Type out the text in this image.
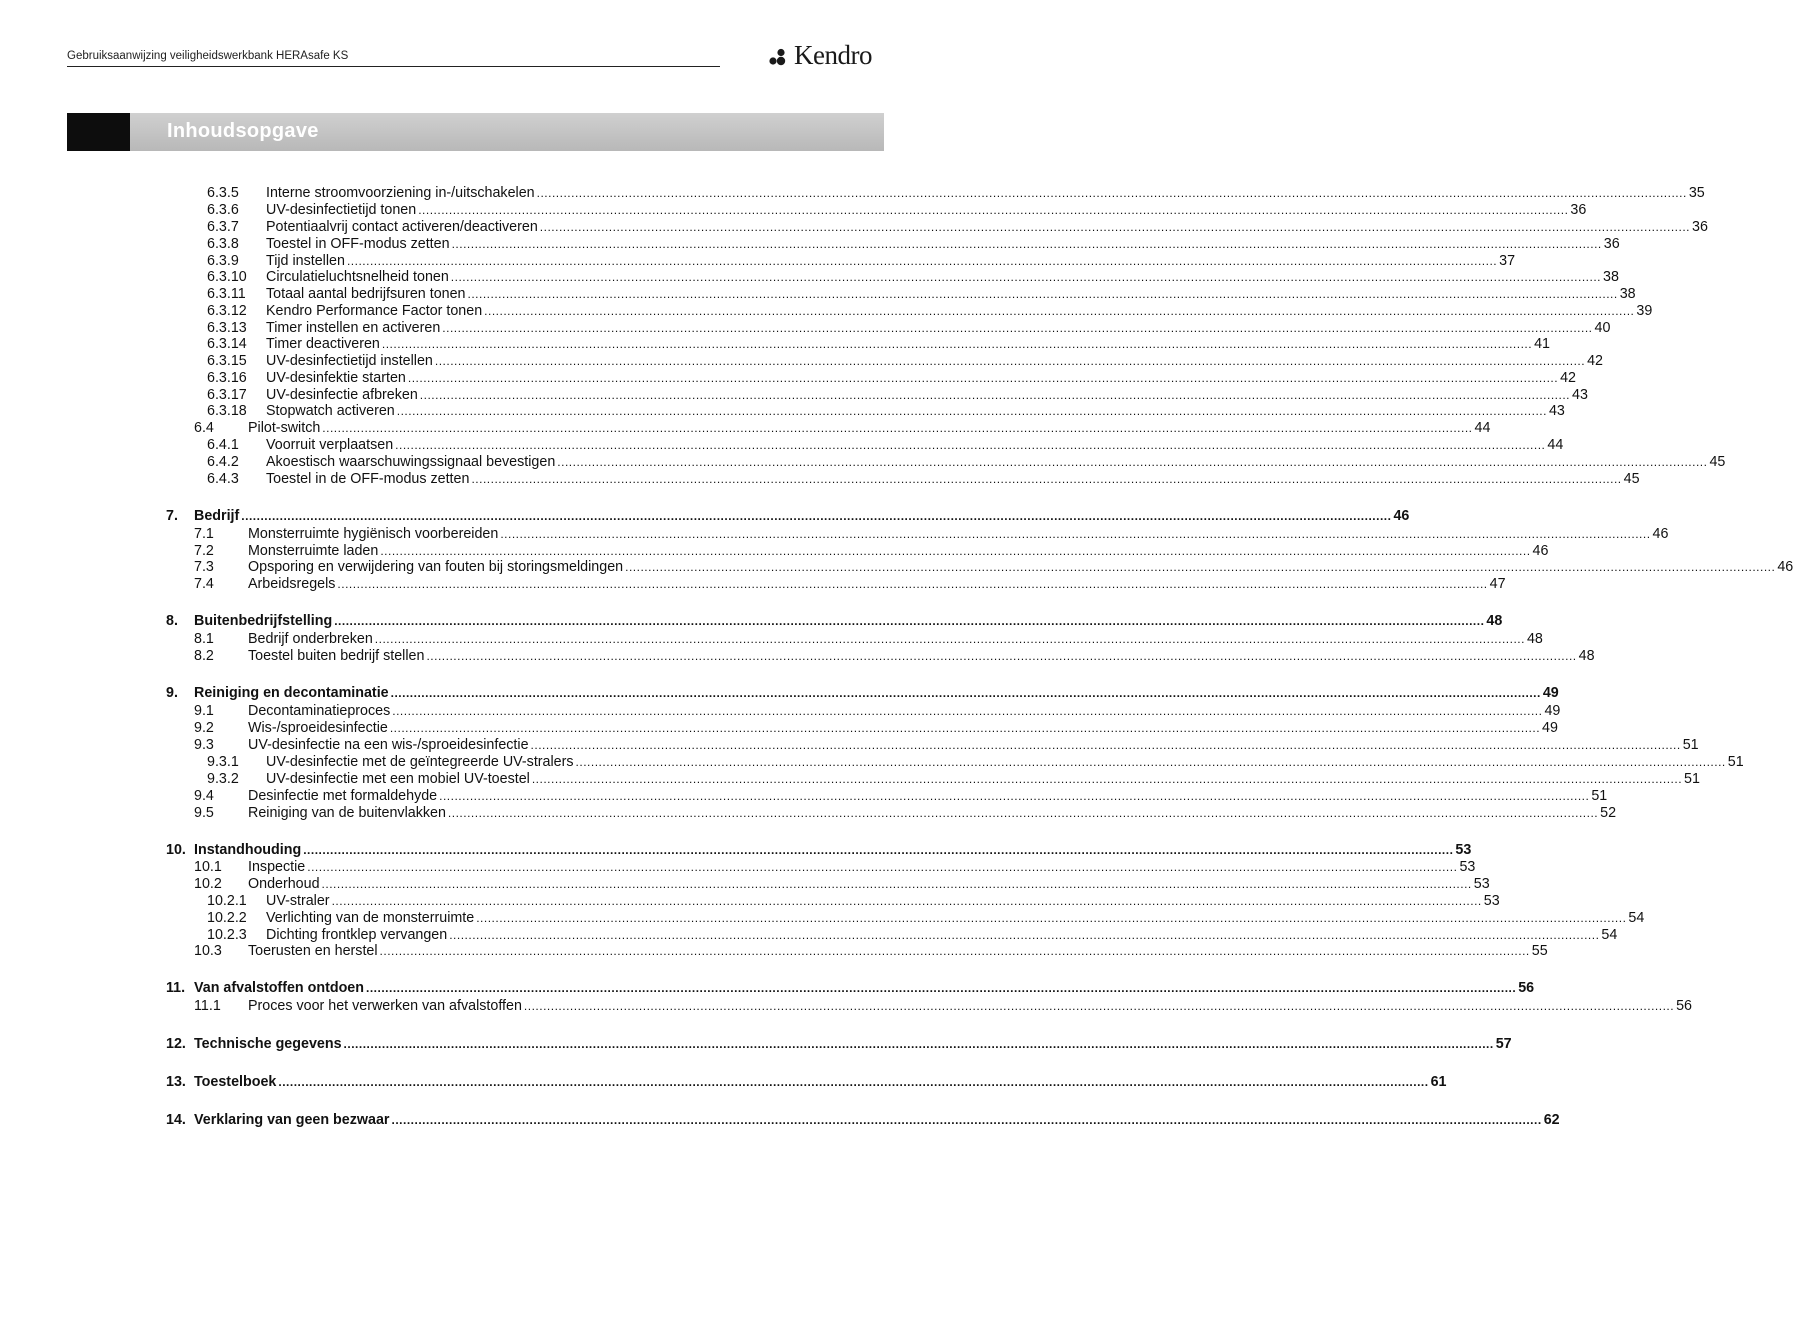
Gebruiksaanwijzing veiligheidswerkbank HERAsafe KS	Kendro
Inhoudsopgave
6.3.5 Interne stroomvoorziening in-/uitschakelen ............................................................................................................................................................................................................................................................................................................ 35
6.3.6 UV-desinfectietijd tonen ............................................................................................................................................................................................................................................................................................................ 36
6.3.7 Potentiaalvrij contact activeren/deactiveren ............................................................................................................................................................................................................................................................................................................ 36
6.3.8 Toestel in OFF-modus zetten ............................................................................................................................................................................................................................................................................................................ 36
6.3.9 Tijd instellen ............................................................................................................................................................................................................................................................................................................ 37
6.3.10 Circulatieluchtsnelheid tonen ............................................................................................................................................................................................................................................................................................................ 38
6.3.11 Totaal aantal bedrijfsuren tonen ............................................................................................................................................................................................................................................................................................................ 38
6.3.12 Kendro Performance Factor tonen ............................................................................................................................................................................................................................................................................................................ 39
6.3.13 Timer instellen en activeren ............................................................................................................................................................................................................................................................................................................ 40
6.3.14 Timer deactiveren ............................................................................................................................................................................................................................................................................................................ 41
6.3.15 UV-desinfectietijd instellen ............................................................................................................................................................................................................................................................................................................ 42
6.3.16 UV-desinfektie starten ............................................................................................................................................................................................................................................................................................................ 42
6.3.17 UV-desinfectie afbreken ............................................................................................................................................................................................................................................................................................................ 43
6.3.18 Stopwatch activeren ............................................................................................................................................................................................................................................................................................................ 43
6.4 Pilot-switch ............................................................................................................................................................................................................................................................................................................ 44
6.4.1 Voorruit verplaatsen ............................................................................................................................................................................................................................................................................................................ 44
6.4.2 Akoestisch waarschuwingssignaal bevestigen ............................................................................................................................................................................................................................................................................................................ 45
6.4.3 Toestel in de OFF-modus zetten ............................................................................................................................................................................................................................................................................................................ 45
7. Bedrijf ............................................................................................................................................................................................................................................................................................................ 46
7.1 Monsterruimte hygiënisch voorbereiden ............................................................................................................................................................................................................................................................................................................ 46
7.2 Monsterruimte laden ............................................................................................................................................................................................................................................................................................................ 46
7.3 Opsporing en verwijdering van fouten bij storingsmeldingen ............................................................................................................................................................................................................................................................................................................ 46
7.4 Arbeidsregels ............................................................................................................................................................................................................................................................................................................ 47
8. Buitenbedrijfstelling ............................................................................................................................................................................................................................................................................................................ 48
8.1 Bedrijf onderbreken ............................................................................................................................................................................................................................................................................................................ 48
8.2 Toestel buiten bedrijf stellen ............................................................................................................................................................................................................................................................................................................ 48
9. Reiniging en decontaminatie ............................................................................................................................................................................................................................................................................................................ 49
9.1 Decontaminatieproces ............................................................................................................................................................................................................................................................................................................ 49
9.2 Wis-/sproeidesinfectie ............................................................................................................................................................................................................................................................................................................ 49
9.3 UV-desinfectie na een wis-/sproeidesinfectie ............................................................................................................................................................................................................................................................................................................ 51
9.3.1 UV-desinfectie met de geïntegreerde UV-stralers ............................................................................................................................................................................................................................................................................................................ 51
9.3.2 UV-desinfectie met een mobiel UV-toestel ............................................................................................................................................................................................................................................................................................................ 51
9.4 Desinfectie met formaldehyde ............................................................................................................................................................................................................................................................................................................ 51
9.5 Reiniging van de buitenvlakken ............................................................................................................................................................................................................................................................................................................ 52
10. Instandhouding ............................................................................................................................................................................................................................................................................................................ 53
10.1 Inspectie ............................................................................................................................................................................................................................................................................................................ 53
10.2 Onderhoud ............................................................................................................................................................................................................................................................................................................ 53
10.2.1 UV-straler ............................................................................................................................................................................................................................................................................................................ 53
10.2.2 Verlichting van de monsterruimte ............................................................................................................................................................................................................................................................................................................ 54
10.2.3 Dichting frontklep vervangen ............................................................................................................................................................................................................................................................................................................ 54
10.3 Toerusten en herstel ............................................................................................................................................................................................................................................................................................................ 55
11. Van afvalstoffen ontdoen ............................................................................................................................................................................................................................................................................................................ 56
11.1 Proces voor het verwerken van afvalstoffen ............................................................................................................................................................................................................................................................................................................ 56
12. Technische gegevens ............................................................................................................................................................................................................................................................................................................ 57
13. Toestelboek ............................................................................................................................................................................................................................................................................................................ 61
14. Verklaring van geen bezwaar ............................................................................................................................................................................................................................................................................................................ 62
